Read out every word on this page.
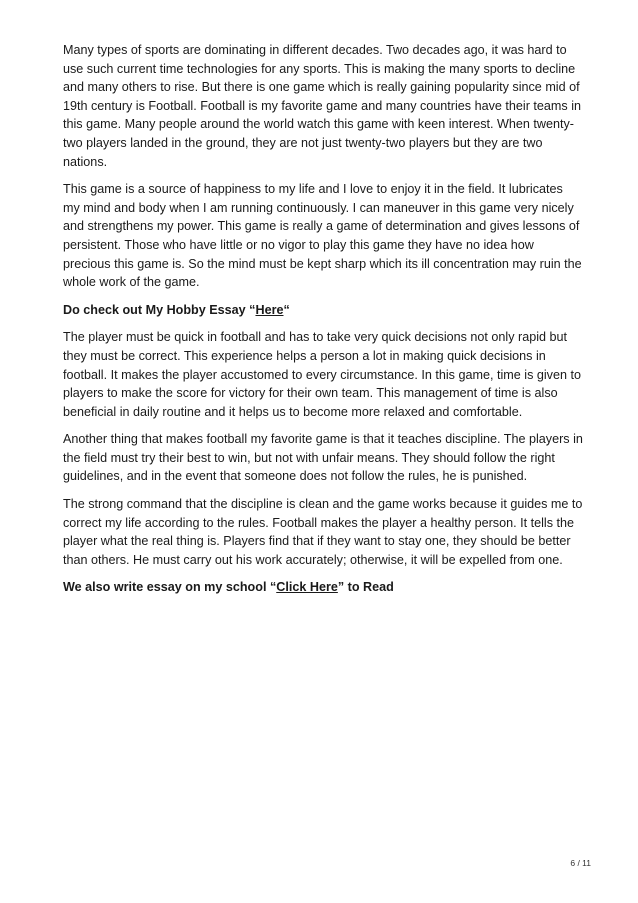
Many types of sports are dominating in different decades. Two decades ago, it was hard to use such current time technologies for any sports. This is making the many sports to decline and many others to rise. But there is one game which is really gaining popularity since mid of 19th century is Football. Football is my favorite game and many countries have their teams in this game. Many people around the world watch this game with keen interest. When twenty-two players landed in the ground, they are not just twenty-two players but they are two nations.

This game is a source of happiness to my life and I love to enjoy it in the field. It lubricates my mind and body when I am running continuously. I can maneuver in this game very nicely and strengthens my power. This game is really a game of determination and gives lessons of persistent. Those who have little or no vigor to play this game they have no idea how precious this game is. So the mind must be kept sharp which its ill concentration may ruin the whole work of the game.

Do check out My Hobby Essay “Here“

The player must be quick in football and has to take very quick decisions not only rapid but they must be correct. This experience helps a person a lot in making quick decisions in football. It makes the player accustomed to every circumstance. In this game, time is given to players to make the score for victory for their own team. This management of time is also beneficial in daily routine and it helps us to become more relaxed and comfortable.

Another thing that makes football my favorite game is that it teaches discipline. The players in the field must try their best to win, but not with unfair means. They should follow the right guidelines, and in the event that someone does not follow the rules, he is punished.

The strong command that the discipline is clean and the game works because it guides me to correct my life according to the rules. Football makes the player a healthy person. It tells the player what the real thing is. Players find that if they want to stay one, they should be better than others. He must carry out his work accurately; otherwise, it will be expelled from one.

We also write essay on my school “Click Here” to Read

6 / 11
